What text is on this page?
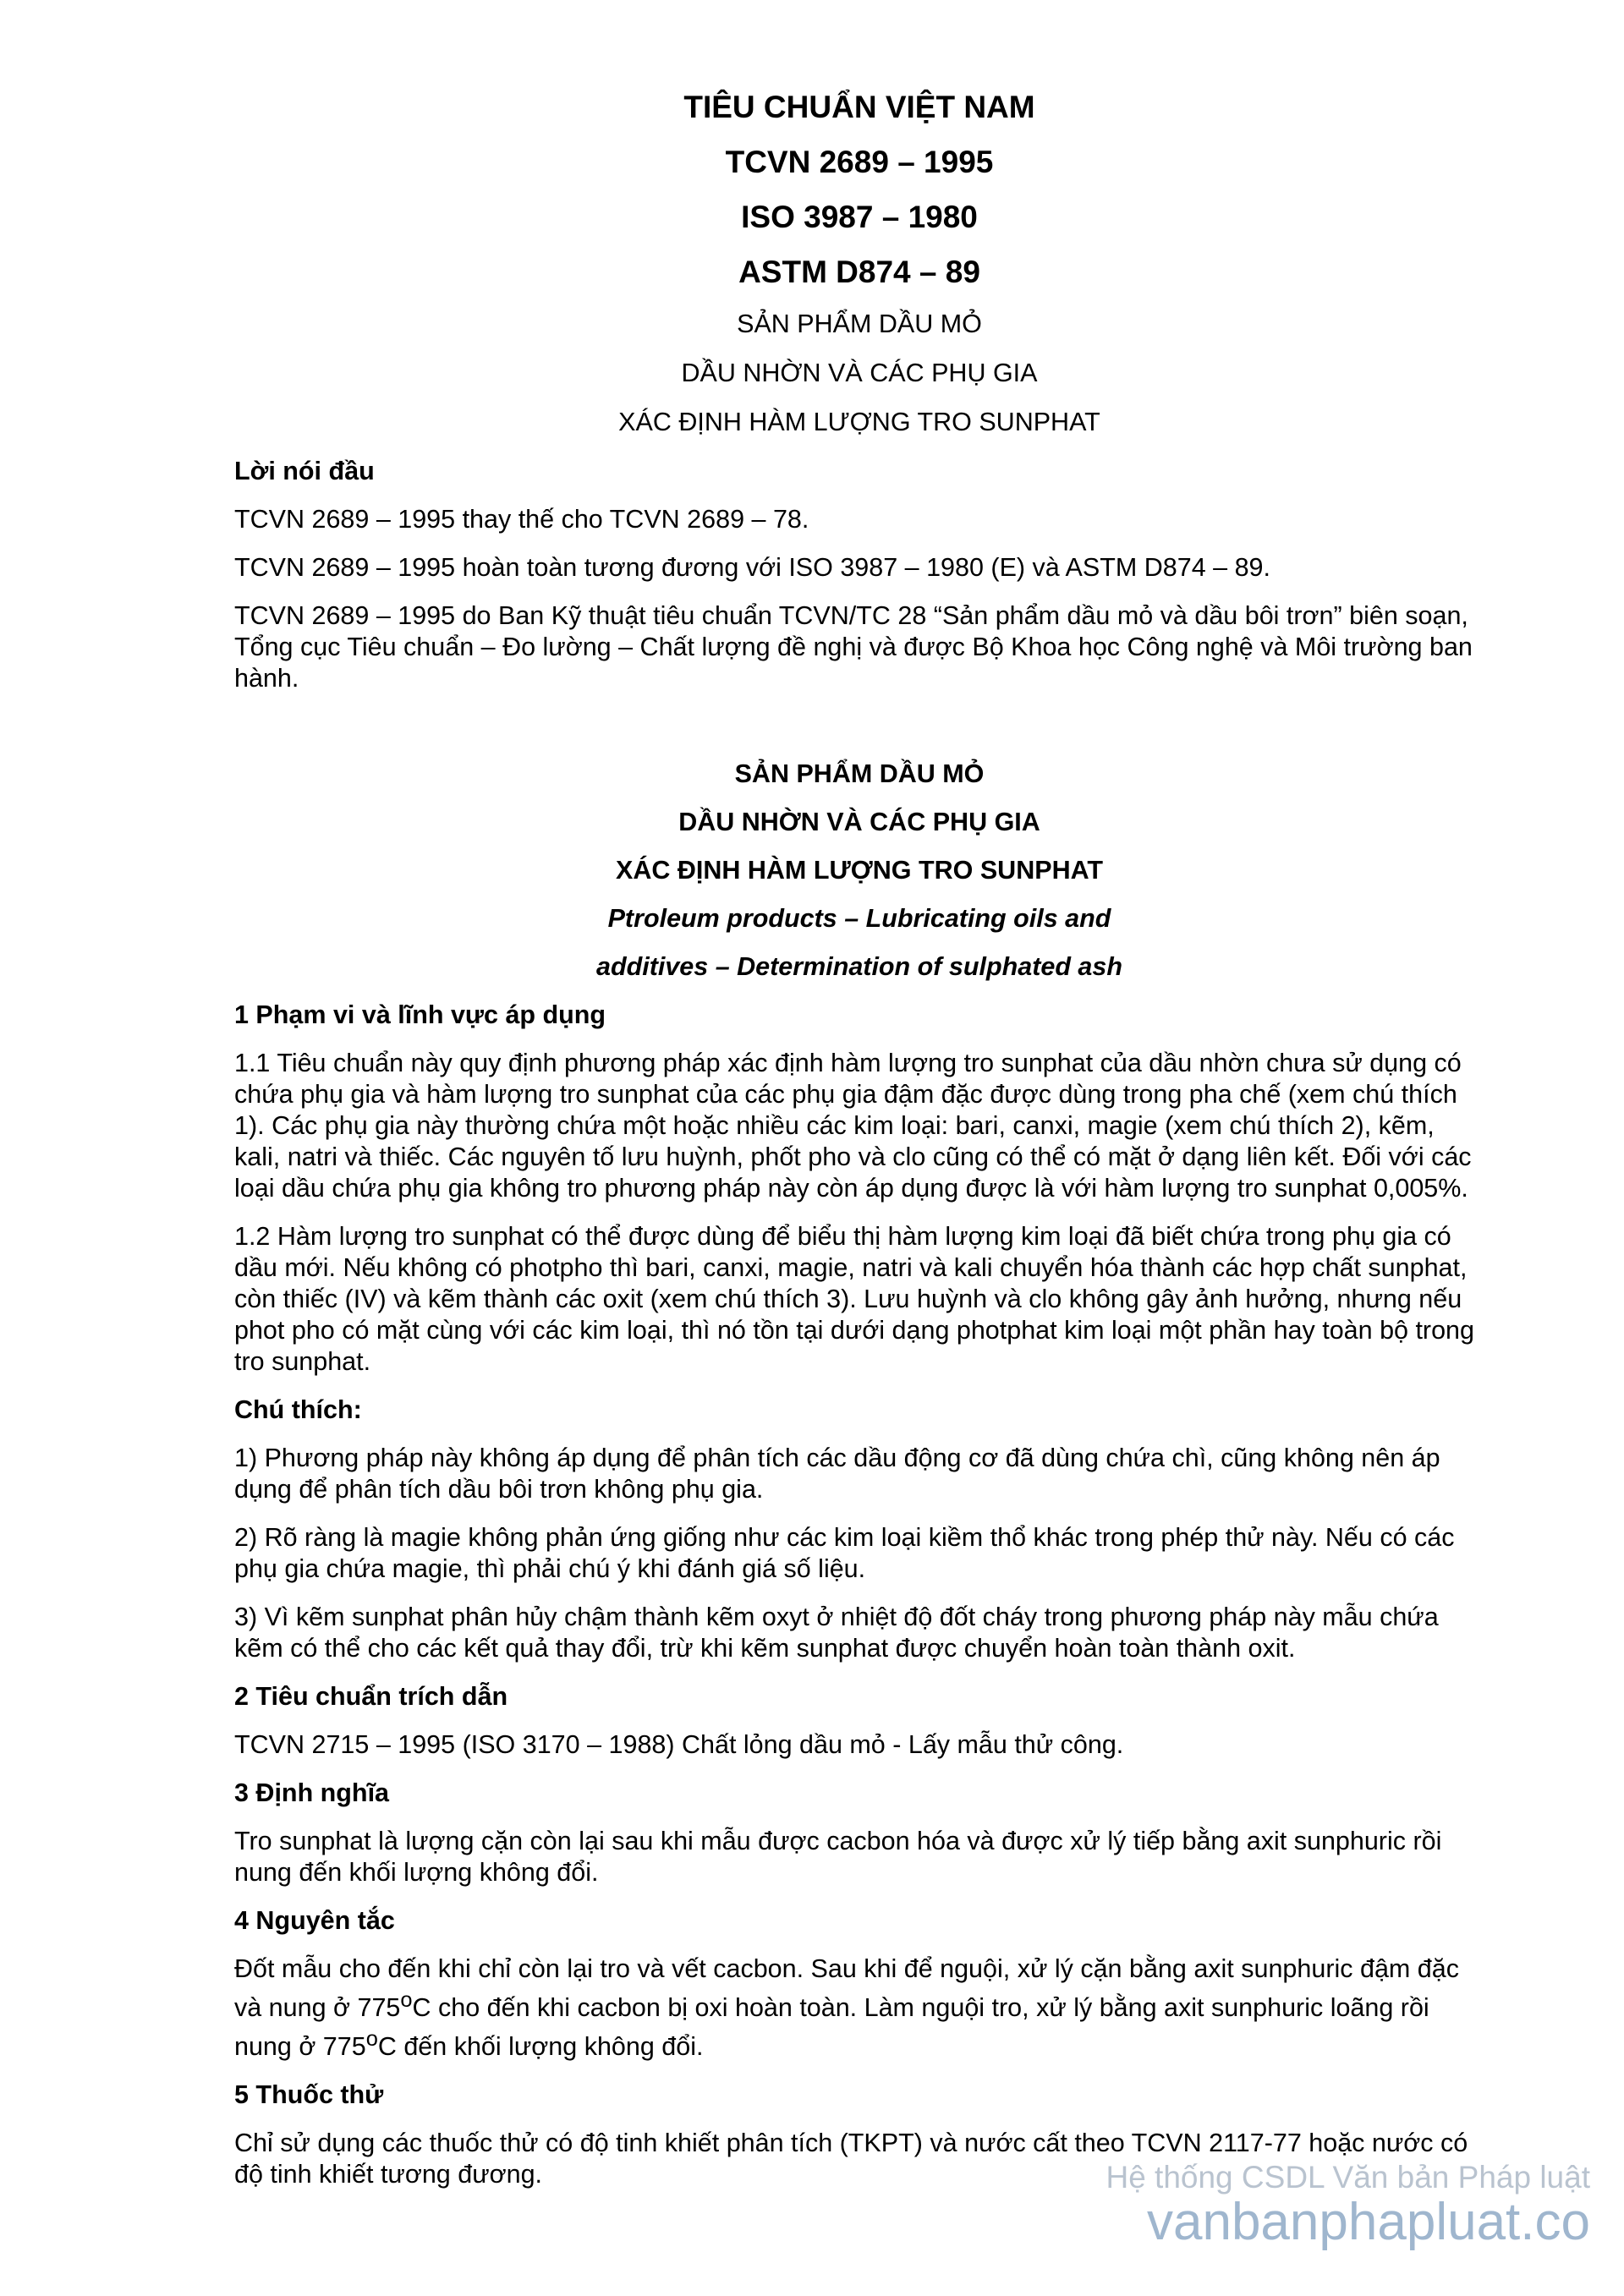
TIÊU CHUẨN VIỆT NAM
TCVN 2689 – 1995
ISO 3987 – 1980
ASTM D874 – 89
SẢN PHẨM DẦU MỎ
DẦU NHỜN VÀ CÁC PHỤ GIA
XÁC ĐỊNH HÀM LƯỢNG TRO SUNPHAT
Lời nói đầu

TCVN 2689 – 1995 thay thế cho TCVN 2689 – 78.

TCVN 2689 – 1995 hoàn toàn tương đương với ISO 3987 – 1980 (E) và ASTM D874 – 89.

TCVN 2689 – 1995 do Ban Kỹ thuật tiêu chuẩn TCVN/TC 28 “Sản phẩm dầu mỏ và dầu bôi trơn” biên soạn, Tổng cục Tiêu chuẩn – Đo lường – Chất lượng đề nghị và được Bộ Khoa học Công nghệ và Môi trường ban hành.

SẢN PHẨM DẦU MỎ
DẦU NHỜN VÀ CÁC PHỤ GIA
XÁC ĐỊNH HÀM LƯỢNG TRO SUNPHAT
Ptroleum products – Lubricating oils and
additives – Determination of sulphated ash
1 Phạm vi và lĩnh vực áp dụng

1.1 Tiêu chuẩn này quy định phương pháp xác định hàm lượng tro sunphat của dầu nhờn chưa sử dụng có chứa phụ gia và hàm lượng tro sunphat của các phụ gia đậm đặc được dùng trong pha chế (xem chú thích 1). Các phụ gia này thường chứa một hoặc nhiều các kim loại: bari, canxi, magie (xem chú thích 2), kẽm, kali, natri và thiếc. Các nguyên tố lưu huỳnh, phốt pho và clo cũng có thể có mặt ở dạng liên kết. Đối với các loại dầu chứa phụ gia không tro phương pháp này còn áp dụng được là với hàm lượng tro sunphat 0,005%.

1.2 Hàm lượng tro sunphat có thể được dùng để biểu thị hàm lượng kim loại đã biết chứa trong phụ gia có dầu mới. Nếu không có photpho thì bari, canxi, magie, natri và kali chuyển hóa thành các hợp chất sunphat, còn thiếc (IV) và kẽm thành các oxit (xem chú thích 3). Lưu huỳnh và clo không gây ảnh hưởng, nhưng nếu phot pho có mặt cùng với các kim loại, thì nó tồn tại dưới dạng photphat kim loại một phần hay toàn bộ trong tro sunphat.

Chú thích:

1) Phương pháp này không áp dụng để phân tích các dầu động cơ đã dùng chứa chì, cũng không nên áp dụng để phân tích dầu bôi trơn không phụ gia.

2) Rõ ràng là magie không phản ứng giống như các kim loại kiềm thổ khác trong phép thử này. Nếu có các phụ gia chứa magie, thì phải chú ý khi đánh giá số liệu.

3) Vì kẽm sunphat phân hủy chậm thành kẽm oxyt ở nhiệt độ đốt cháy trong phương pháp này mẫu chứa kẽm có thể cho các kết quả thay đổi, trừ khi kẽm sunphat được chuyển hoàn toàn thành oxit.

2 Tiêu chuẩn trích dẫn

TCVN 2715 – 1995 (ISO 3170 – 1988) Chất lỏng dầu mỏ - Lấy mẫu thử công.

3 Định nghĩa

Tro sunphat là lượng cặn còn lại sau khi mẫu được cacbon hóa và được xử lý tiếp bằng axit sunphuric rồi nung đến khối lượng không đổi.

4 Nguyên tắc

Đốt mẫu cho đến khi chỉ còn lại tro và vết cacbon. Sau khi để nguội, xử lý cặn bằng axit sunphuric đậm đặc và nung ở 775$^o$C cho đến khi cacbon bị oxi hoàn toàn. Làm nguội tro, xử lý bằng axit sunphuric loãng rồi nung ở 775$^o$C đến khối lượng không đổi.

5 Thuốc thử

Chỉ sử dụng các thuốc thử có độ tinh khiết phân tích (TKPT) và nước cất theo TCVN 2117-77 hoặc nước có độ tinh khiết tương đương.	Hệ thống CSDL Văn bản Pháp luật
vanbanphapluat.co
